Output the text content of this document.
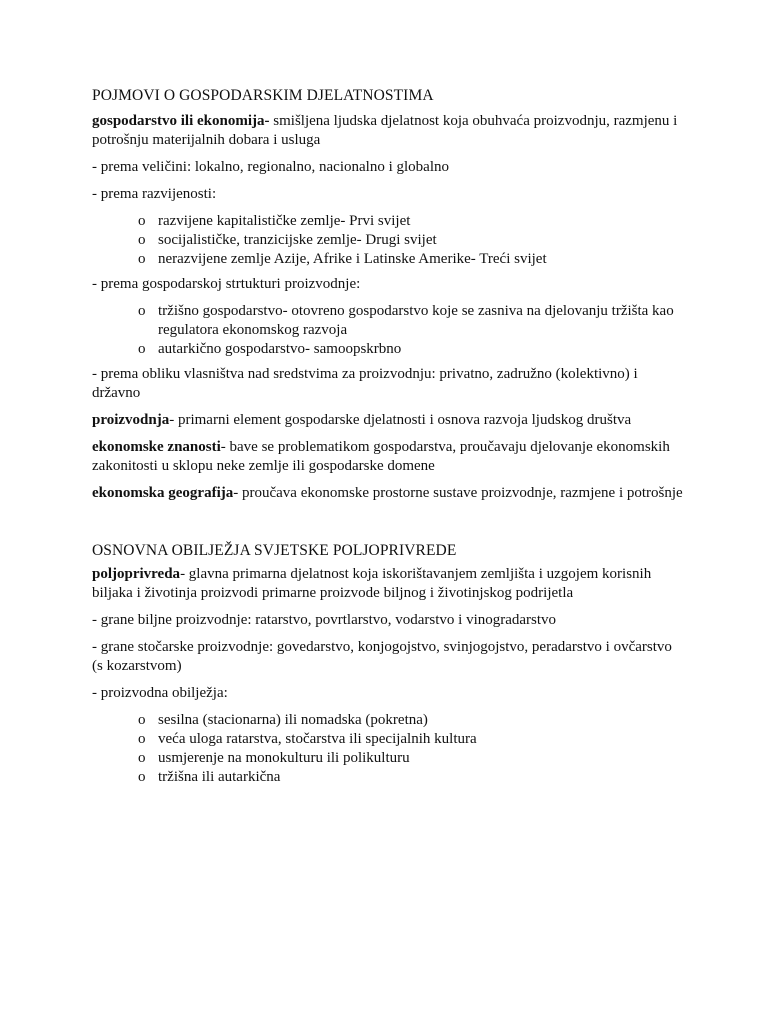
POJMOVI O GOSPODARSKIM DJELATNOSTIMA

gospodarstvo ili ekonomija- smišljena ljudska djelatnost koja obuhvaća proizvodnju, razmjenu i potrošnju materijalnih dobara i usluga

- prema veličini: lokalno, regionalno, nacionalno i globalno

- prema razvijenosti:

o razvijene kapitalističke zemlje- Prvi svijet
o socijalističke, tranzicijske zemlje- Drugi svijet
o nerazvijene zemlje Azije, Afrike i Latinske Amerike- Treći svijet

- prema gospodarskoj strtukturi proizvodnje:

o tržišno gospodarstvo- otovreno gospodarstvo koje se zasniva na djelovanju tržišta kao regulatora ekonomskog razvoja
o autarkično gospodarstvo- samoopskrbno

- prema obliku vlasništva nad sredstvima za proizvodnju: privatno, zadružno (kolektivno) i državno

proizvodnja- primarni element gospodarske djelatnosti i osnova razvoja ljudskog društva

ekonomske znanosti- bave se problematikom gospodarstva, proučavaju djelovanje ekonomskih zakonitosti u sklopu neke zemlje ili gospodarske domene

ekonomska geografija- proučava ekonomske prostorne sustave proizvodnje, razmjene i potrošnje

OSNOVNA OBILJEŽJA SVJETSKE POLJOPRIVREDE

poljoprivreda- glavna primarna djelatnost koja iskorištavanjem zemljišta i uzgojem korisnih biljaka i životinja proizvodi primarne proizvode biljnog i životinjskog podrijetla

- grane biljne proizvodnje: ratarstvo, povrtlarstvo, vodarstvo i vinogradarstvo

- grane stočarske proizvodnje: govedarstvo, konjogojstvo, svinjogojstvo, peradarstvo i ovčarstvo (s kozarstvom)

- proizvodna obilježja:

o sesilna (stacionarna) ili nomadska (pokretna)
o veća uloga ratarstva, stočarstva ili specijalnih kultura
o usmjerenje na monokulturu ili polikulturu
o tržišna ili autarkična
